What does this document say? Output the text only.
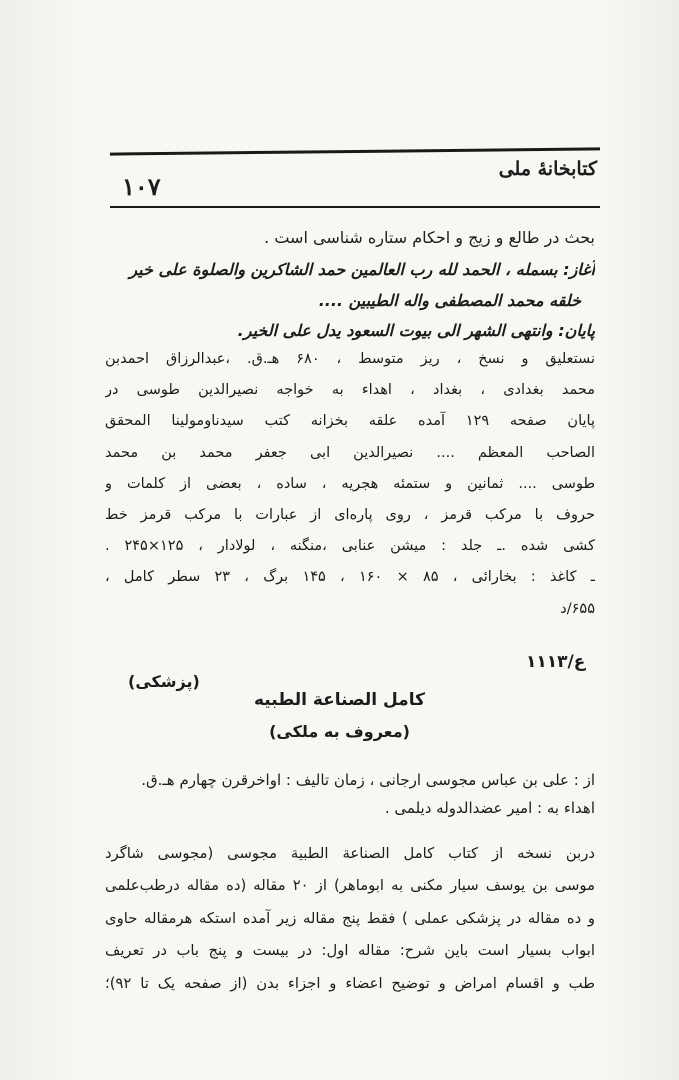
کتابخانهٔ ملی
۱۰۷
بحث در طالع و زیج و احکام ستاره شناسی است .
آغاز: بسمله ، الحمد لله رب العالمین حمد الشاکرین والصلوة علی خیر
خلقه محمد المصطفی واله الطیبین ....
پایان: وانتهی الشهر الی بیوت السعود یدل علی الخیر.
نستعلیق و نسخ ، ریز متوسط ، ۶۸۰ هـ.ق. ،عبدالرزاق احمدبن
محمد بغدادی ، بغداد ، اهداء به خواجه نصیرالدین طوسی در
پایان صفحه ۱۲۹ آمده علقه بخزانه کتب سیدناومولینا المحقق
الصاحب المعظم .... نصیرالدین ابی جعفر محمد بن محمد
طوسی .... ثمانین و ستمئه هجریه ، ساده ، بعضی از کلمات و
حروف با مرکب قرمز ، روی پاره‌ای از عبارات با مرکب قرمز خط
کشی شده .ـ جلد : میشن عنابی ،منگنه ، لولادار ، ۱۲۵×۲۴۵ .
ـ کاغذ : بخارائی ، ۸۵ × ۱۶۰ ، ۱۴۵ برگ ، ۲۳ سطر کامل ،
۶۵۵/د
۱۱۱۳/ع
(پزشکی)
کامل الصناعة الطبیه
(معروف به ملکی)
از : علی بن عباس مجوسی ارجانی ، زمان تالیف : اواخرقرن چهارم هـ.ق.
اهداء به : امیر عضدالدوله دیلمی .
دربن نسخه از کتاب کامل الصناعة الطبیة مجوسی (مجوسی شاگرد
موسی بن یوسف سیار مکنی به ابوماهر) از ۲۰ مقاله (ده مقاله درطب‌علمی
و ده مقاله در پزشکی عملی ) فقط پنج مقاله زیر آمده استکه هرمقاله حاوی
ابواب بسیار است باین شرح: مقاله اول: در بیست و پنج باب در تعریف
طب و اقسام امراض و توضیح اعضاء و اجزاء بدن (از صفحه یک تا ۹۲)؛
